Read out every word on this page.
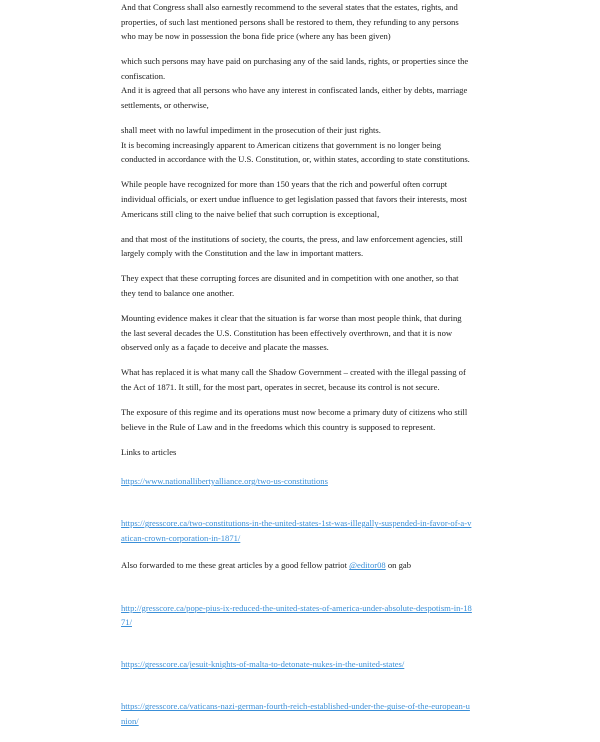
And that Congress shall also earnestly recommend to the several states that the estates, rights, and properties, of such last mentioned persons shall be restored to them, they refunding to any persons who may be now in possession the bona fide price (where any has been given)

which such persons may have paid on purchasing any of the said lands, rights, or properties since the confiscation.
And it is agreed that all persons who have any interest in confiscated lands, either by debts, marriage settlements, or otherwise,

shall meet with no lawful impediment in the prosecution of their just rights.
It is becoming increasingly apparent to American citizens that government is no longer being conducted in accordance with the U.S. Constitution, or, within states, according to state constitutions.

While people have recognized for more than 150 years that the rich and powerful often corrupt individual officials, or exert undue influence to get legislation passed that favors their interests, most Americans still cling to the naive belief that such corruption is exceptional,

and that most of the institutions of society, the courts, the press, and law enforcement agencies, still largely comply with the Constitution and the law in important matters.

They expect that these corrupting forces are disunited and in competition with one another, so that they tend to balance one another.

Mounting evidence makes it clear that the situation is far worse than most people think, that during the last several decades the U.S. Constitution has been effectively overthrown, and that it is now observed only as a façade to deceive and placate the masses.

What has replaced it is what many call the Shadow Government – created with the illegal passing of the Act of 1871. It still, for the most part, operates in secret, because its control is not secure.

The exposure of this regime and its operations must now become a primary duty of citizens who still believe in the Rule of Law and in the freedoms which this country is supposed to represent.

Links to articles

https://www.nationallibertyalliance.org/two-us-constitutions

https://gresscore.ca/two-constitutions-in-the-united-states-1st-was-illegally-suspended-in-favor-of-a-vatican-crown-corporation-in-1871/

Also forwarded to me these great articles by a good fellow patriot @editor08 on gab

http://gresscore.ca/pope-pius-ix-reduced-the-united-states-of-america-under-absolute-despotism-in-1871/

https://gresscore.ca/jesuit-knights-of-malta-to-detonate-nukes-in-the-united-states/

https://gresscore.ca/vaticans-nazi-german-fourth-reich-established-under-the-guise-of-the-european-union/
